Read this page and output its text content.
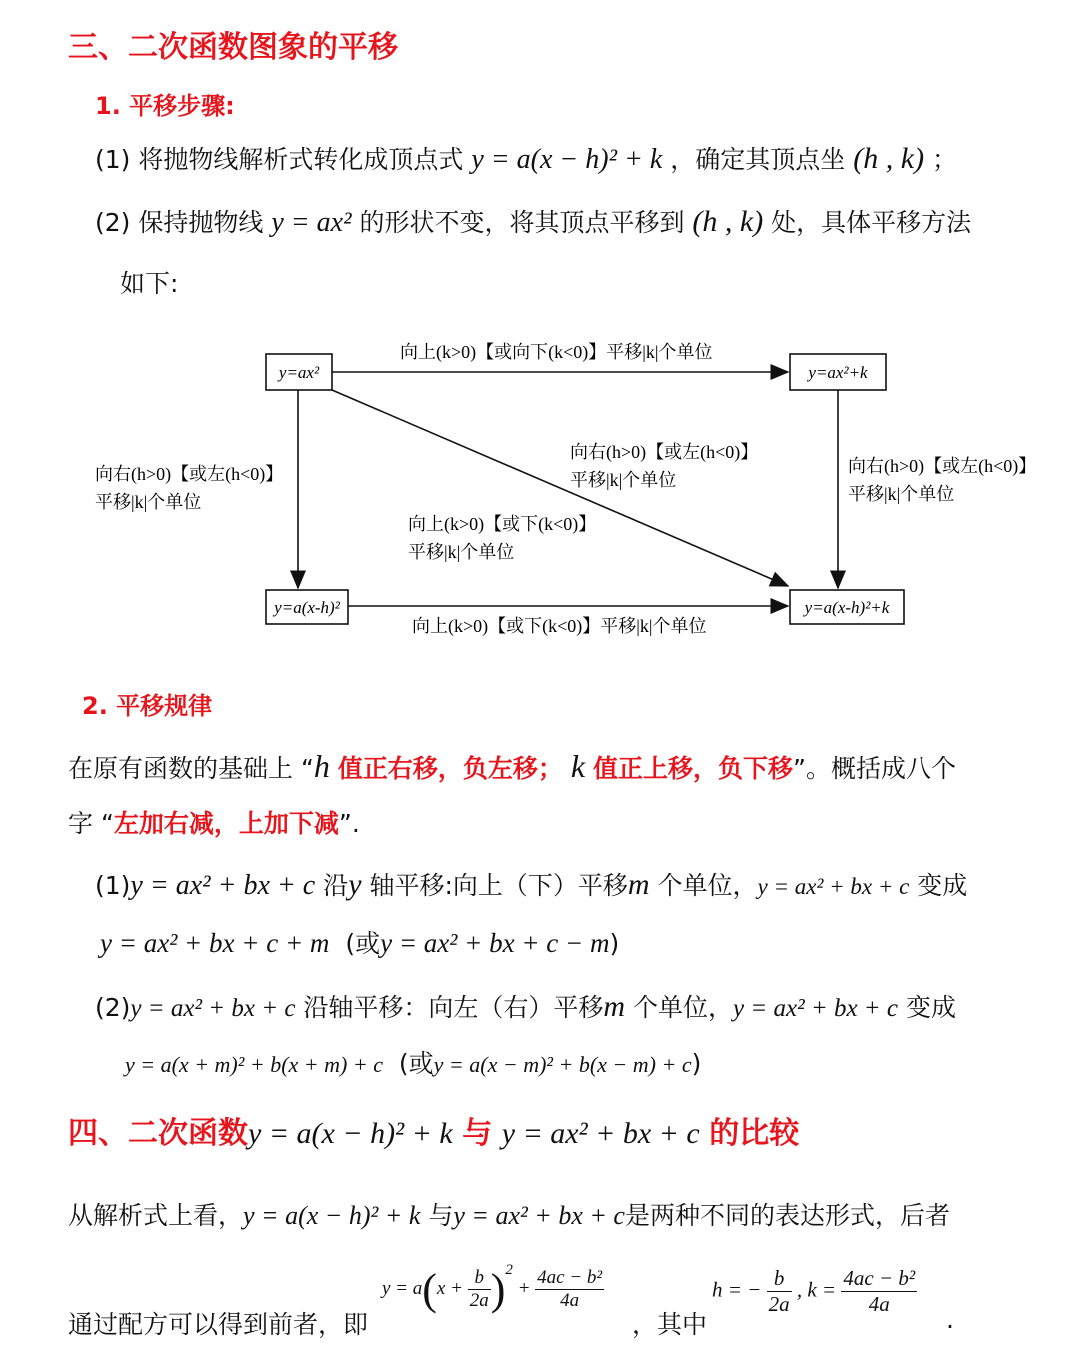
三、二次函数图象的平移
1. 平移步骤:
(1) 将抛物线解析式转化成顶点式 y = a(x − h)² + k ，确定其顶点坐 (h , k) ；
(2) 保持抛物线 y = ax² 的形状不变，将其顶点平移到 (h , k) 处，具体平移方法
如下:
y=ax²	y=ax²+k
y=a(x-h)²	y=a(x-h)²+k
向上(k>0)【或向下(k<0)】平移|k|个单位
向右(h>0)【或左(h<0)】
平移|k|个单位
向右(h>0)【或左(h<0)】
平移|k|个单位
向右(h>0)【或左(h<0)】
平移|k|个单位
向上(k>0)【或下(k<0)】
平移|k|个单位
向上(k>0)【或下(k<0)】平移|k|个单位
2. 平移规律
在原有函数的基础上 “h 值正右移，负左移； k 值正上移，负下移”。概括成八个
字 “左加右减，上加下减”.
(1)y = ax² + bx + c 沿y 轴平移:向上（下）平移m 个单位，y = ax² + bx + c 变成
y = ax² + bx + c + m (或y = ax² + bx + c − m)
(2)y = ax² + bx + c 沿轴平移：向左（右）平移m 个单位，y = ax² + bx + c 变成
y = a(x + m)² + b(x + m) + c (或y = a(x − m)² + b(x − m) + c)
四、二次函数y = a(x − h)² + k 与 y = ax² + bx + c 的比较
从解析式上看，y = a(x − h)² + k 与y = ax² + bx + c是两种不同的表达形式，后者
通过配方可以得到前者，即
$y = a(x + \frac{b}{2a} )^2 + \frac{\text{4ac − b²}}{4a}$
，其中
h = − $\frac{b}{2a}$ , $k = \frac{\text{4ac − b²}}{4a}$
.
